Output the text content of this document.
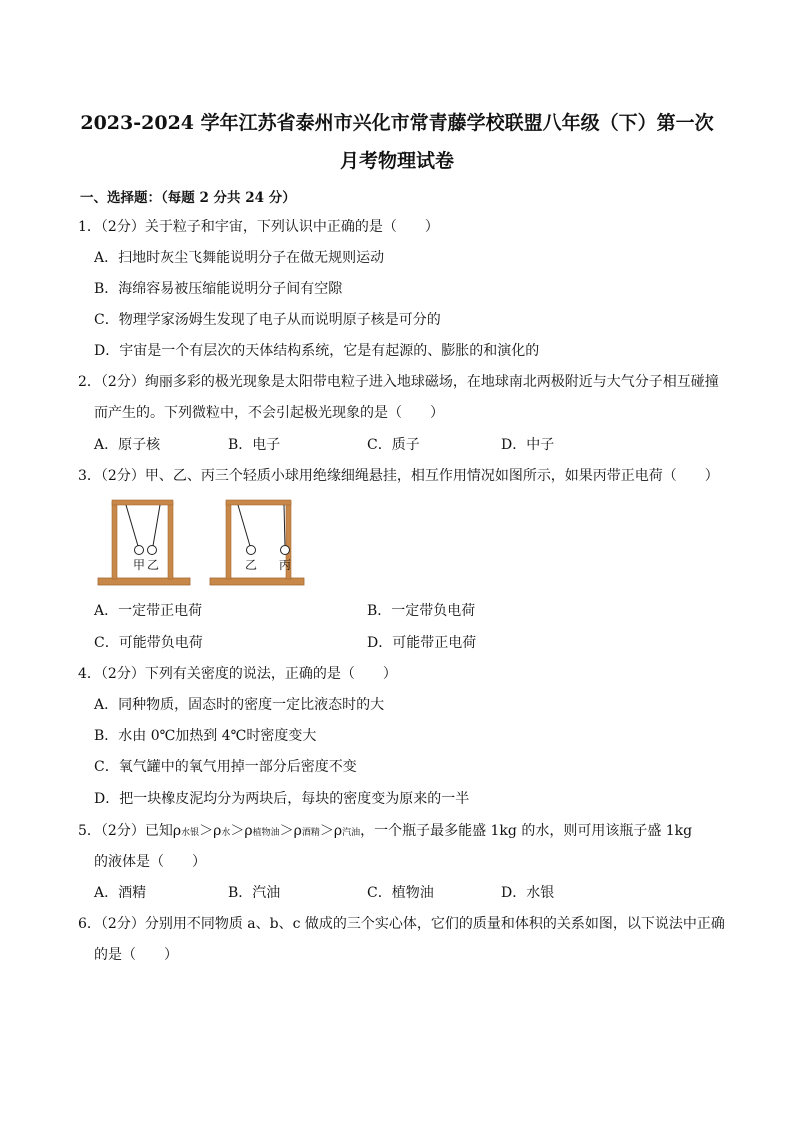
2023-2024 学年江苏省泰州市兴化市常青藤学校联盟八年级（下）第一次
月考物理试卷
一、选择题：（每题 2 分共 24 分）
1．（2分）关于粒子和宇宙，下列认识中正确的是（　　）
A．扫地时灰尘飞舞能说明分子在做无规则运动
B．海绵容易被压缩能说明分子间有空隙
C．物理学家汤姆生发现了电子从而说明原子核是可分的
D．宇宙是一个有层次的天体结构系统，它是有起源的、膨胀的和演化的
2．（2分）绚丽多彩的极光现象是太阳带电粒子进入地球磁场，在地球南北两极附近与大气分子相互碰撞
而产生的。下列微粒中，不会引起极光现象的是（　　）
A．原子核	B．电子	C．质子	D．中子
3．（2分）甲、乙、丙三个轻质小球用绝缘细绳悬挂，相互作用情况如图所示，如果丙带正电荷（　　）
甲 乙	乙 丙
A．一定带正电荷	B．一定带负电荷
C．可能带负电荷	D．可能带正电荷
4．（2分）下列有关密度的说法，正确的是（　　）
A．同种物质，固态时的密度一定比液态时的大
B．水由 0℃加热到 4℃时密度变大
C．氧气罐中的氧气用掉一部分后密度不变
D．把一块橡皮泥均分为两块后，每块的密度变为原来的一半
5．（2分）已知ρ水银＞ρ水＞ρ植物油＞ρ酒精＞ρ汽油，一个瓶子最多能盛 1kg 的水，则可用该瓶子盛 1kg
的液体是（　　）
A．酒精	B．汽油	C．植物油	D．水银
6．（2分）分别用不同物质 a、b、c 做成的三个实心体，它们的质量和体积的关系如图，以下说法中正确
的是（　　）
